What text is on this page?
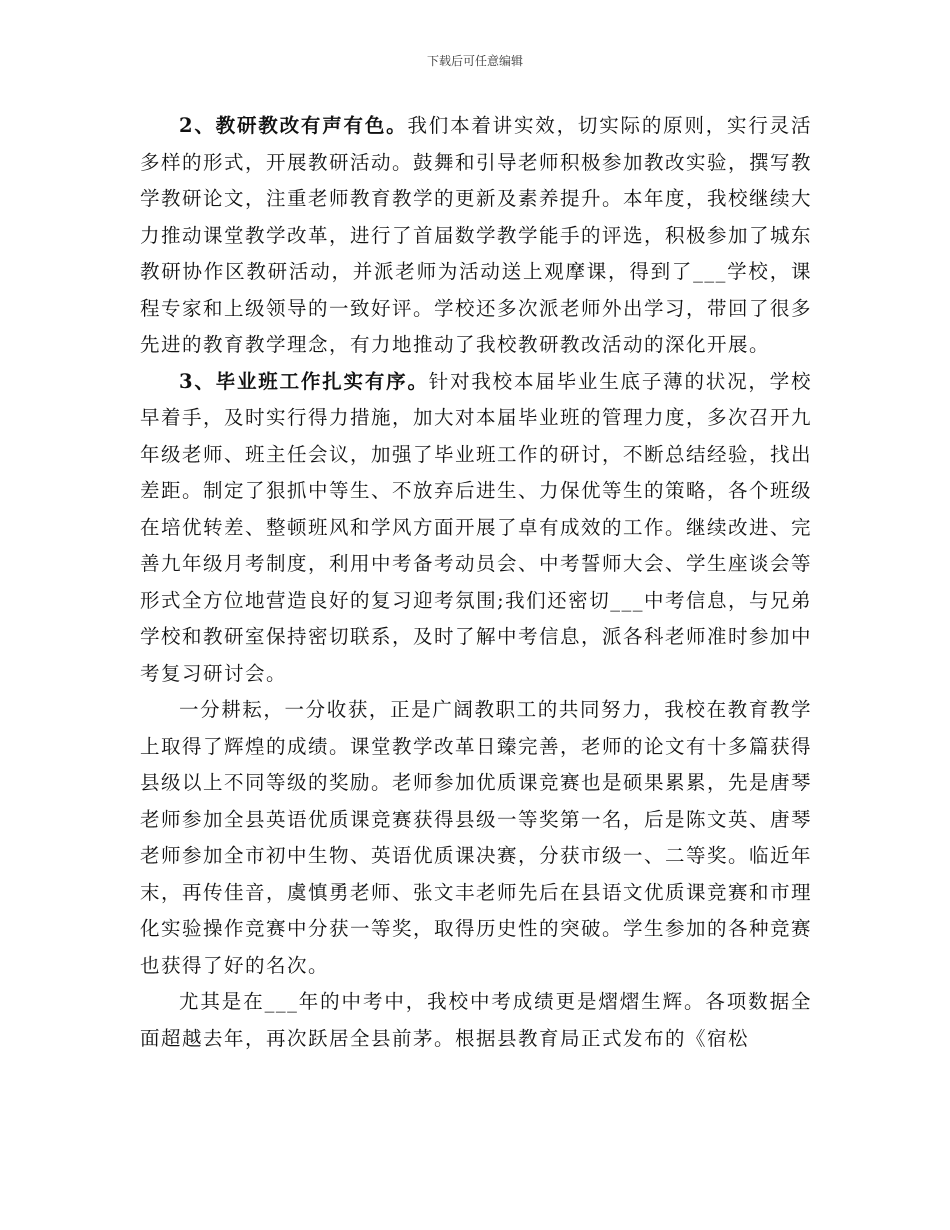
下载后可任意编辑

2、教研教改有声有色。我们本着讲实效，切实际的原则，实行灵活多样的形式，开展教研活动。鼓舞和引导老师积极参加教改实验，撰写教学教研论文，注重老师教育教学的更新及素养提升。本年度，我校继续大力推动课堂教学改革，进行了首届数学教学能手的评选，积极参加了城东教研协作区教研活动，并派老师为活动送上观摩课，得到了___学校，课程专家和上级领导的一致好评。学校还多次派老师外出学习，带回了很多先进的教育教学理念，有力地推动了我校教研教改活动的深化开展。

3、毕业班工作扎实有序。针对我校本届毕业生底子薄的状况，学校早着手，及时实行得力措施，加大对本届毕业班的管理力度，多次召开九年级老师、班主任会议，加强了毕业班工作的研讨，不断总结经验，找出差距。制定了狠抓中等生、不放弃后进生、力保优等生的策略，各个班级在培优转差、整顿班风和学风方面开展了卓有成效的工作。继续改进、完善九年级月考制度，利用中考备考动员会、中考誓师大会、学生座谈会等形式全方位地营造良好的复习迎考氛围;我们还密切___中考信息，与兄弟学校和教研室保持密切联系，及时了解中考信息，派各科老师准时参加中考复习研讨会。

一分耕耘，一分收获，正是广阔教职工的共同努力，我校在教育教学上取得了辉煌的成绩。课堂教学改革日臻完善，老师的论文有十多篇获得县级以上不同等级的奖励。老师参加优质课竞赛也是硕果累累，先是唐琴老师参加全县英语优质课竞赛获得县级一等奖第一名，后是陈文英、唐琴老师参加全市初中生物、英语优质课决赛，分获市级一、二等奖。临近年末，再传佳音，虞慎勇老师、张文丰老师先后在县语文优质课竞赛和市理化实验操作竞赛中分获一等奖，取得历史性的突破。学生参加的各种竞赛也获得了好的名次。

尤其是在___年的中考中，我校中考成绩更是熠熠生辉。各项数据全面超越去年，再次跃居全县前茅。根据县教育局正式发布的《宿松
